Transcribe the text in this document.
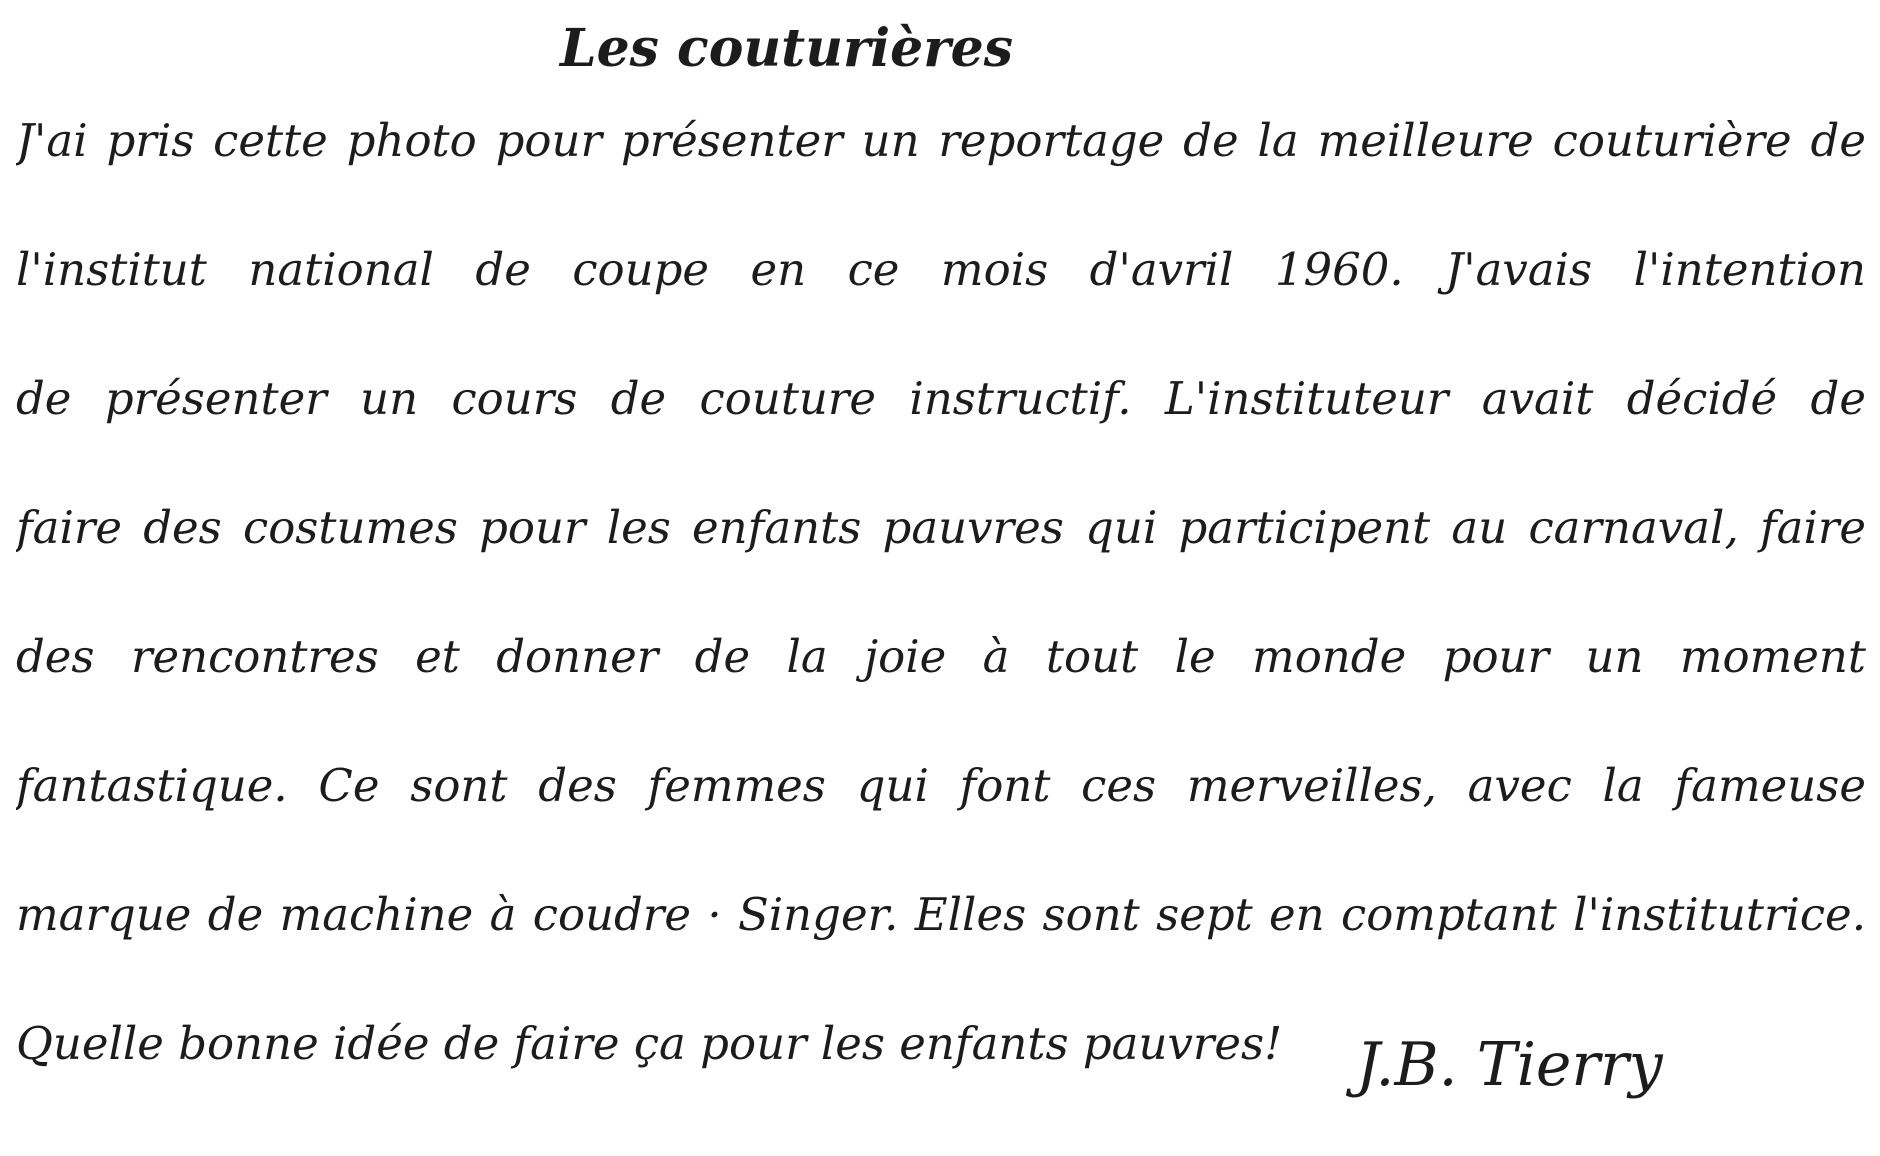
Les couturières

J'ai pris cette photo pour présenter un reportage de la meilleure couturière de

l'institut national de coupe en ce mois d'avril 1960. J'avais l'intention

de présenter un cours de couture instructif. L'instituteur avait décidé de

faire des costumes pour les enfants pauvres qui participent au carnaval, faire

des rencontres et donner de la joie à tout le monde pour un moment

fantastique. Ce sont des femmes qui font ces merveilles, avec la fameuse

marque de machine à coudre · Singer. Elles sont sept en comptant l'institutrice.

Quelle bonne idée de faire ça pour les enfants pauvres!	J.B. Tierry
